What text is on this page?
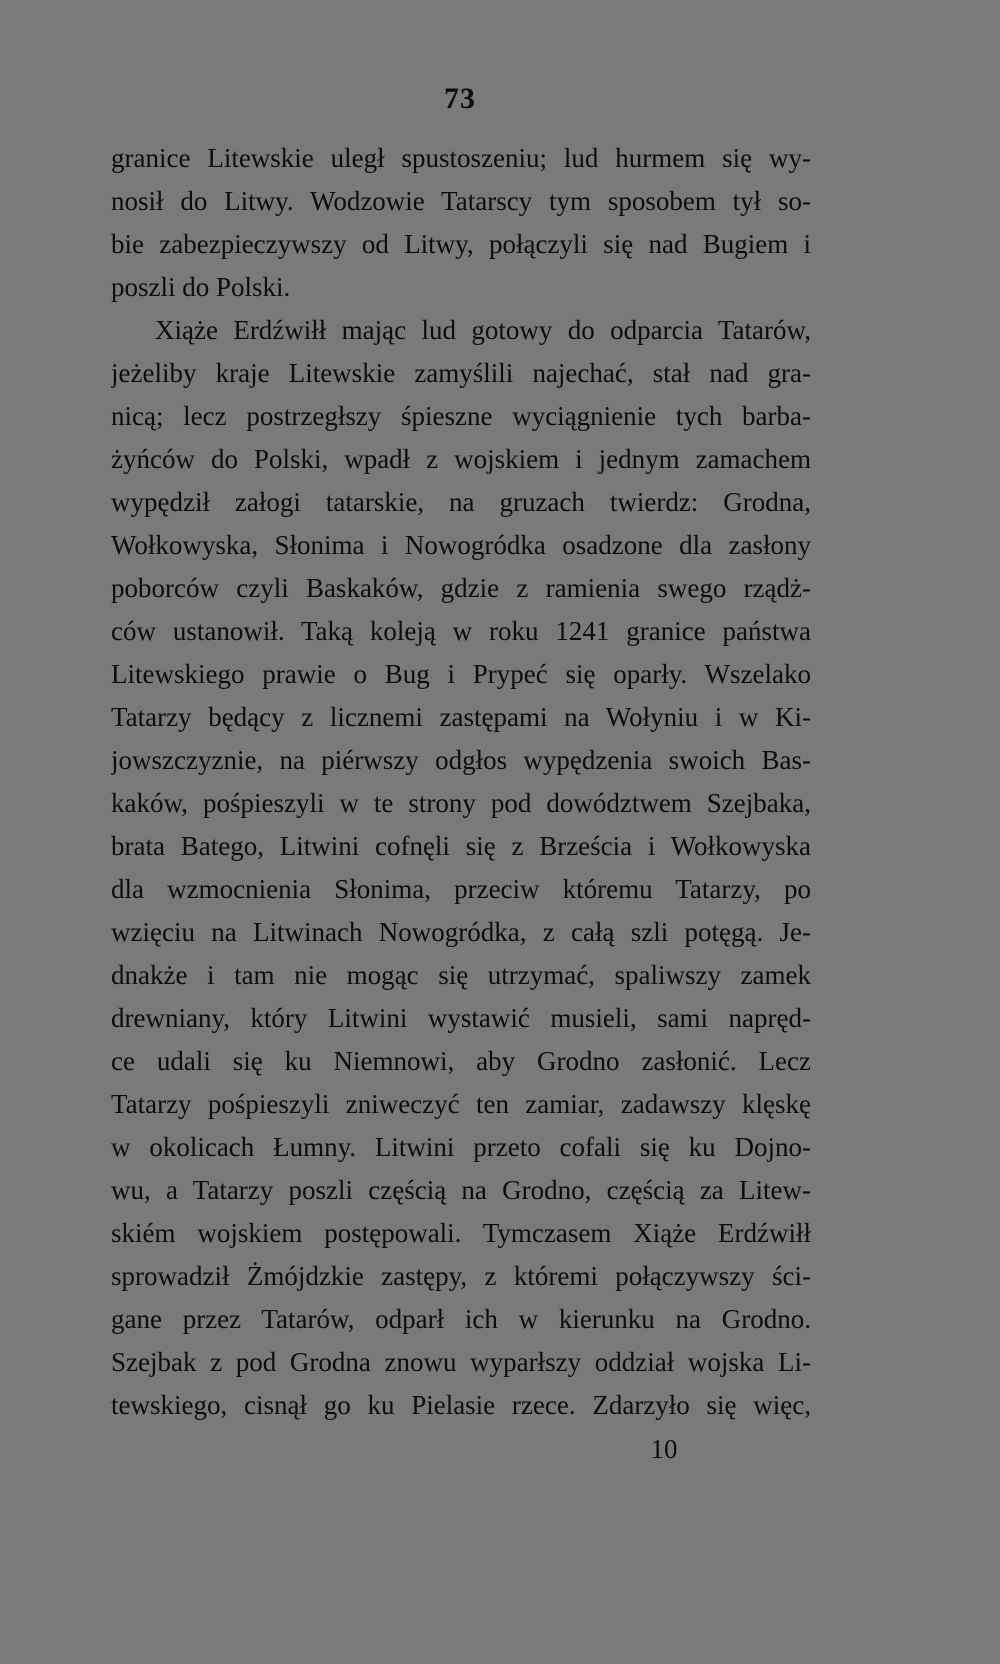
73
granice Litewskie uległ spustoszeniu; lud hurmem się wy-
nosił do Litwy. Wodzowie Tatarscy tym sposobem tył so-
bie zabezpieczywszy od Litwy, połączyli się nad Bugiem i
poszli do Polski.
Xiąże Erdźwiłł mając lud gotowy do odparcia Tatarów,
jeżeliby kraje Litewskie zamyślili najechać, stał nad gra-
nicą; lecz postrzegłszy śpieszne wyciągnienie tych barba-
żyńców do Polski, wpadł z wojskiem i jednym zamachem
wypędził załogi tatarskie, na gruzach twierdz: Grodna,
Wołkowyska, Słonima i Nowogródka osadzone dla zasłony
poborców czyli Baskaków, gdzie z ramienia swego rządż-
ców ustanowił. Taką koleją w roku 1241 granice państwa
Litewskiego prawie o Bug i Prypeć się oparły. Wszelako
Tatarzy będący z licznemi zastępami na Wołyniu i w Ki-
jowszczyznie, na piérwszy odgłos wypędzenia swoich Bas-
kaków, pośpieszyli w te strony pod dowództwem Szejbaka,
brata Batego, Litwini cofnęli się z Brześcia i Wołkowyska
dla wzmocnienia Słonima, przeciw któremu Tatarzy, po
wzięciu na Litwinach Nowogródka, z całą szli potęgą. Je-
dnakże i tam nie mogąc się utrzymać, spaliwszy zamek
drewniany, który Litwini wystawić musieli, sami napręd-
ce udali się ku Niemnowi, aby Grodno zasłonić. Lecz
Tatarzy pośpieszyli zniweczyć ten zamiar, zadawszy klęskę
w okolicach Łumny. Litwini przeto cofali się ku Dojno-
wu, a Tatarzy poszli częścią na Grodno, częścią za Litew-
skiém wojskiem postępowali. Tymczasem Xiąże Erdźwiłł
sprowadził Żmójdzkie zastępy, z któremi połączywszy ści-
gane przez Tatarów, odparł ich w kierunku na Grodno.
Szejbak z pod Grodna znowu wyparłszy oddział wojska Li-
tewskiego, cisnął go ku Pielasie rzece. Zdarzyło się więc,
10
